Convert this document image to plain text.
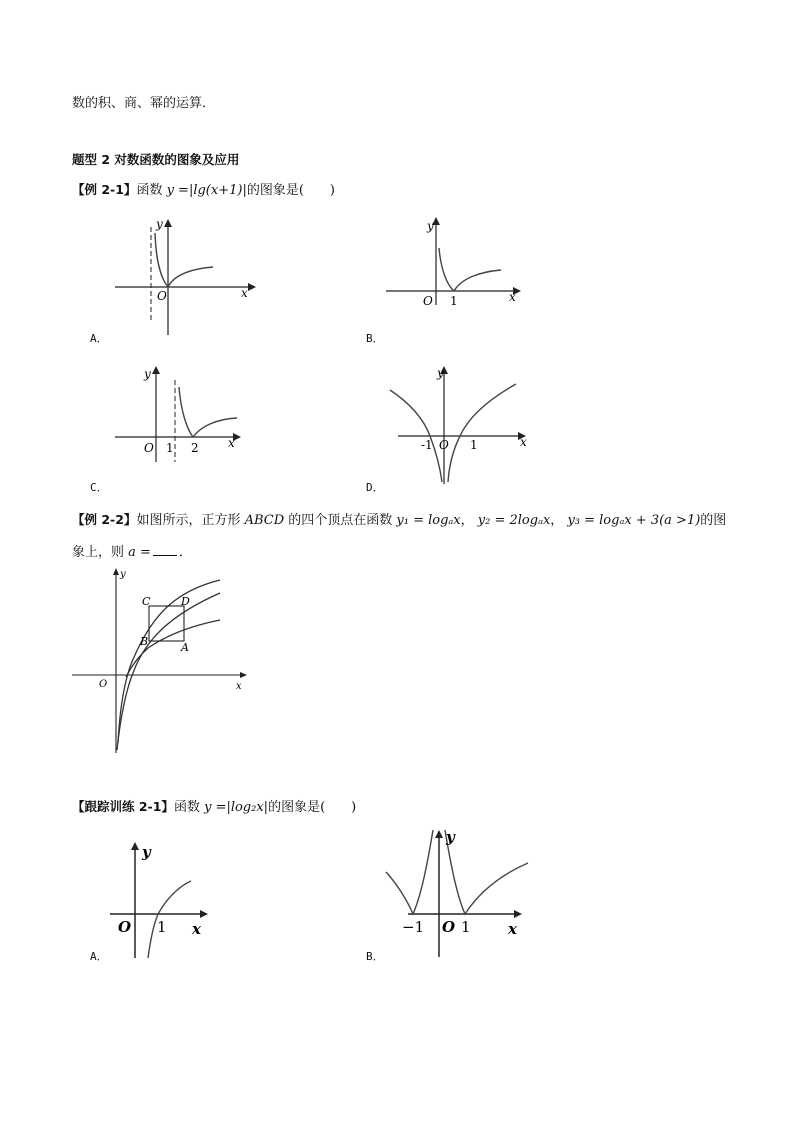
数的积、商、幂的运算．
题型 2 对数函数的图象及应用
【例 2-1】函数 y =|lg(x+1)|的图象是(　　)
x
y
O
A．
x
y
O 1
B．
x
y
O 1 2
C．
x
y
O
-1	1
D．
【例 2-2】如图所示，正方形 ABCD 的四个顶点在函数 y₁ = logₐx， y₂ = 2logₐx， y₃ = logₐx + 3(a >1)的图
象上，则 a = ．
y
x
O
C	D
B	A
【跟踪训练 2-1】函数 y =|log₂x|的图象是(　　)
y
x
O 1
A．
y
x
O
−1 1
B．
